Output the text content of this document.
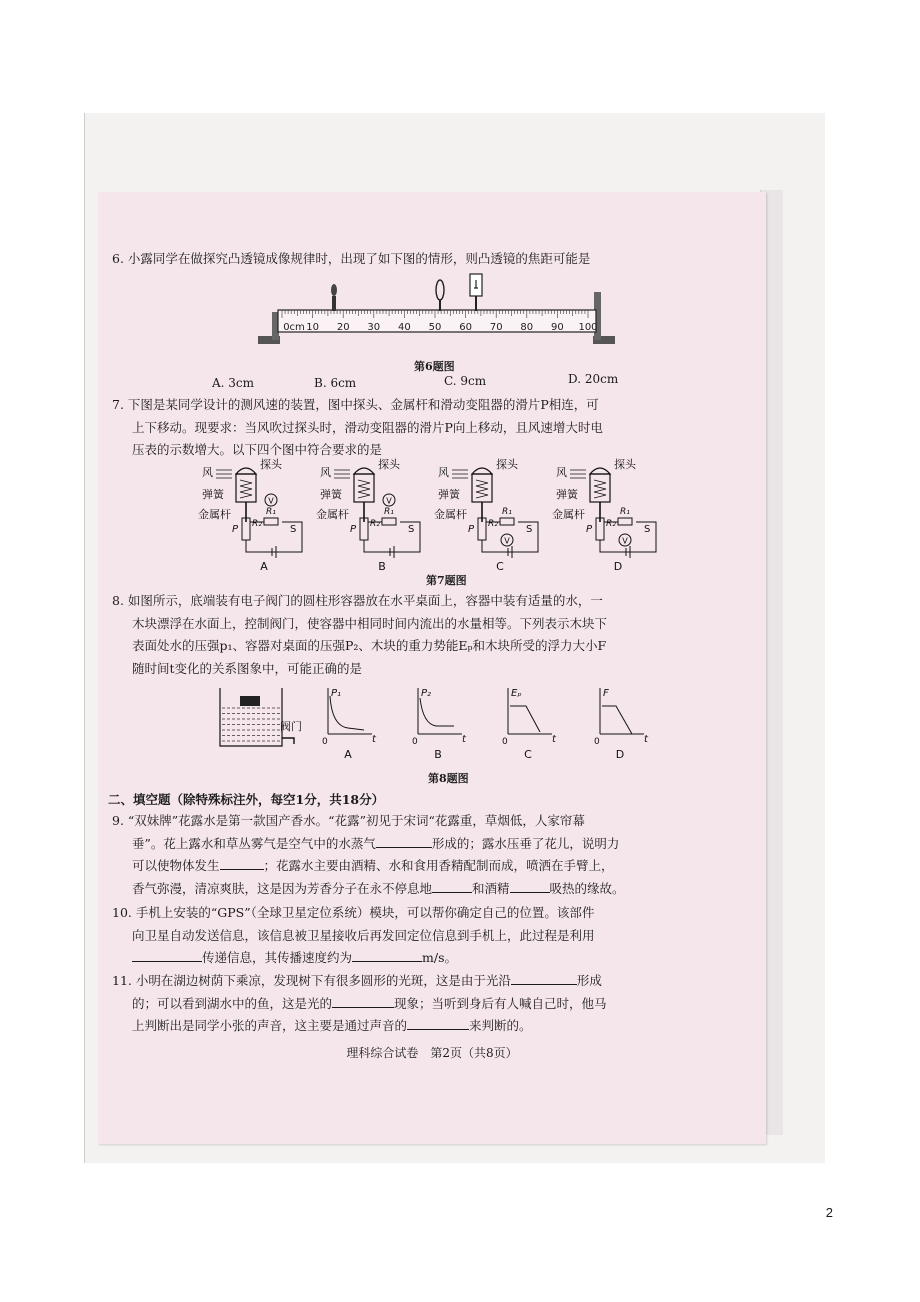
6. 小露同学在做探究凸透镜成像规律时，出现了如下图的情形，则凸透镜的焦距可能是

0cm 10 20 30 40 50 60 70 80 90 100
第6题图
A. 3cm	B. 6cm	C. 9cm	D. 20cm

7. 下图是某同学设计的测风速的装置，图中探头、金属杆和滑动变阻器的滑片P相连，可

上下移动。现要求：当风吹过探头时，滑动变阻器的滑片P向上移动，且风速增大时电

压表的示数增大。以下四个图中符合要求的是

风
探头
弹簧
金属杆
P R₂
R₁
V
S
A
风
探头
弹簧
金属杆
P R₂
R₁
V
S
B
风
探头
弹簧
金属杆
P R₂
R₁
V
S
C
风
探头
弹簧
金属杆
P R₂
R₁
V
S
D
第7题图

8. 如图所示，底端装有电子阀门的圆柱形容器放在水平桌面上，容器中装有适量的水，一

木块漂浮在水面上，控制阀门，使容器中相同时间内流出的水量相等。下列表示木块下

表面处水的压强p₁、容器对桌面的压强P₂、木块的重力势能Eₚ和木块所受的浮力大小F

随时间t变化的关系图象中，可能正确的是

阀门
P₁
t
0
A
P₂
t
0
B
Eₚ
t
0
C
F
t
0
D
第8题图
二、填空题（除特殊标注外，每空1分，共18分）

9. “双妹牌”花露水是第一款国产香水。“花露”初见于宋词“花露重，草烟低，人家帘幕

垂”。花上露水和草丛雾气是空气中的水蒸气	形成的；露水压垂了花儿，说明力

可以使物体发生	；花露水主要由酒精、水和食用香精配制而成，喷洒在手臂上，

香气弥漫，清凉爽肤，这是因为芳香分子在永不停息地	和酒精	吸热的缘故。

10. 手机上安装的“GPS”（全球卫星定位系统）模块，可以帮你确定自己的位置。该部件

向卫星自动发送信息，该信息被卫星接收后再发回定位信息到手机上，此过程是利用

传递信息，其传播速度约为	m/s。

11. 小明在湖边树荫下乘凉，发现树下有很多圆形的光斑，这是由于光沿	形成

的；可以看到湖水中的鱼，这是光的	现象；当听到身后有人喊自己时，他马

上判断出是同学小张的声音，这主要是通过声音的	来判断的。

理科综合试卷　第2页（共8页）
2
